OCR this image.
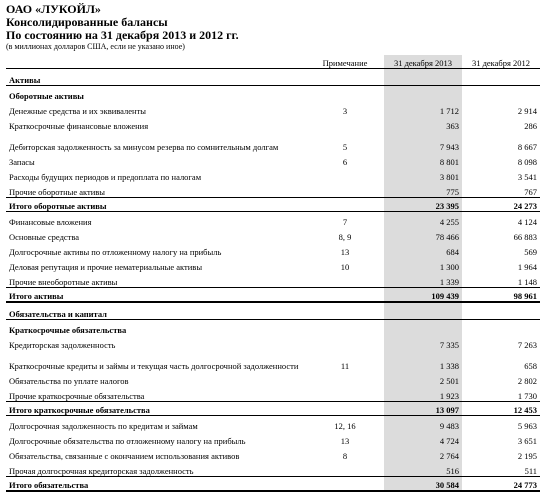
ОАО «ЛУКОЙЛ»
Консолидированные балансы
По состоянию на 31 декабря 2013 и 2012 гг.
(в миллионах долларов США, если не указано иное)
	Примечание	31 декабря 2013	31 декабря 2012

Активы			
Оборотные активы			
Денежные средства и их эквиваленты	3	1 712	2 914
Краткосрочные финансовые вложения		363	286
Дебиторская задолженность за минусом резерва по сомнительным долгам	5	7 943	8 667
Запасы	6	8 801	8 098
Расходы будущих периодов и предоплата по налогам		3 801	3 541
Прочие оборотные активы		775	767
Итого оборотные активы		23 395	24 273
Финансовые вложения	7	4 255	4 124
Основные средства	8, 9	78 466	66 883
Долгосрочные активы по отложенному налогу на прибыль	13	684	569
Деловая репутация и прочие нематериальные активы	10	1 300	1 964
Прочие внеоборотные активы		1 339	1 148
Итого активы		109 439	98 961

Обязательства и капитал			
Краткосрочные обязательства			
Кредиторская задолженность		7 335	7 263
Краткосрочные кредиты и займы и текущая часть долгосрочной задолженности	11	1 338	658
Обязательства по уплате налогов		2 501	2 802
Прочие краткосрочные обязательства		1 923	1 730
Итого краткосрочные обязательства		13 097	12 453
Долгосрочная задолженность по кредитам и займам	12, 16	9 483	5 963
Долгосрочные обязательства по отложенному налогу на прибыль	13	4 724	3 651
Обязательства, связанные с окончанием использования активов	8	2 764	2 195
Прочая долгосрочная кредиторская задолженность		516	511
Итого обязательства		30 584	24 773
